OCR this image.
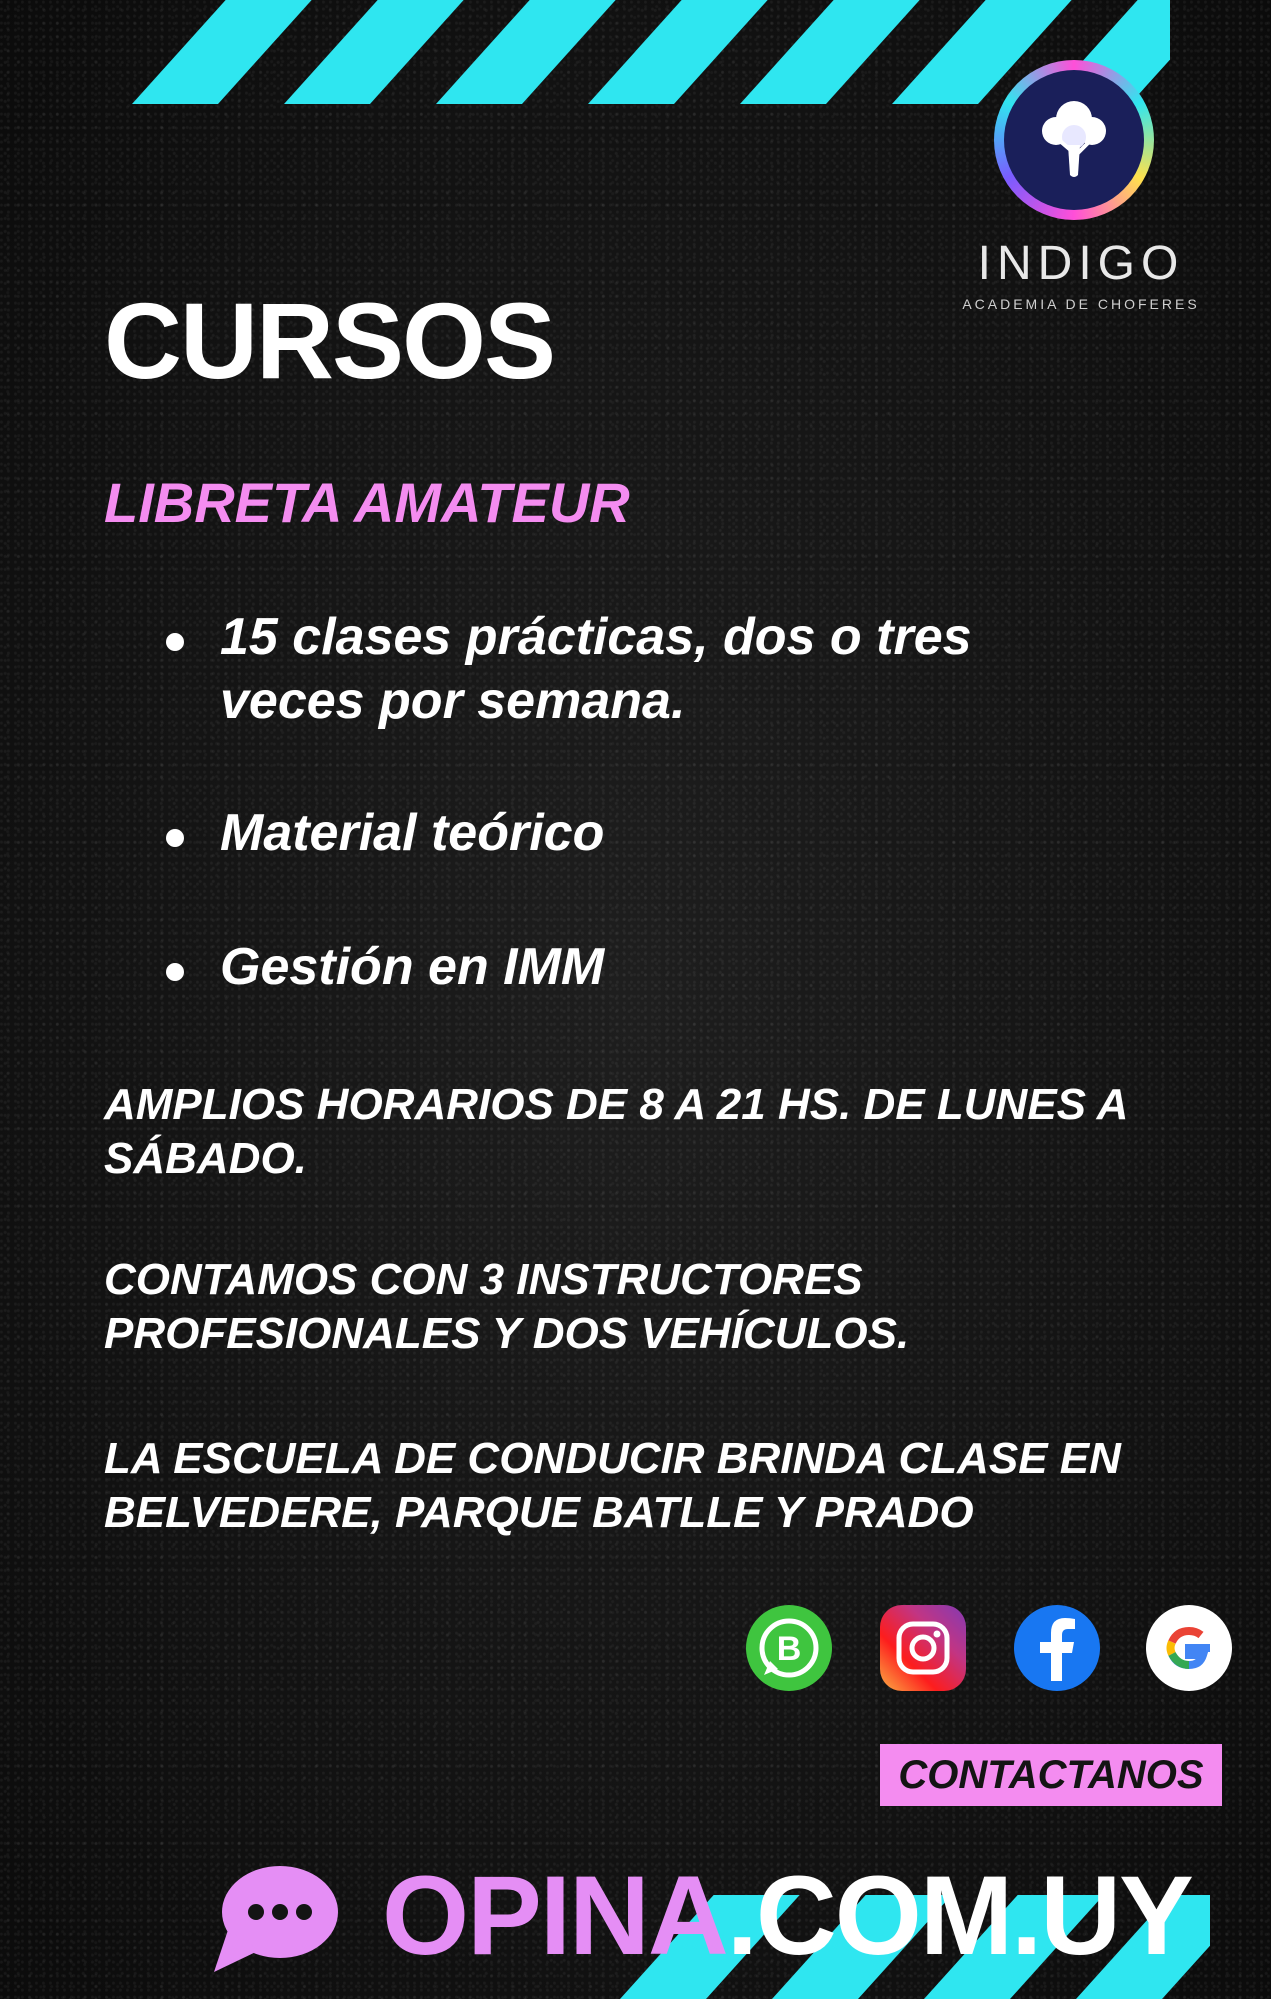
INDIGO
ACADEMIA DE CHOFERES
CURSOS
LIBRETA AMATEUR
15 clases prácticas, dos o tres veces por semana.
Material teórico
Gestión en IMM
AMPLIOS HORARIOS DE 8 A 21 HS. DE LUNES A SÁBADO.
CONTAMOS CON 3 INSTRUCTORES PROFESIONALES Y DOS VEHÍCULOS.
LA ESCUELA DE CONDUCIR BRINDA CLASE EN BELVEDERE, PARQUE BATLLE Y PRADO
B
CONTACTANOS
OPINA.COM.UY
